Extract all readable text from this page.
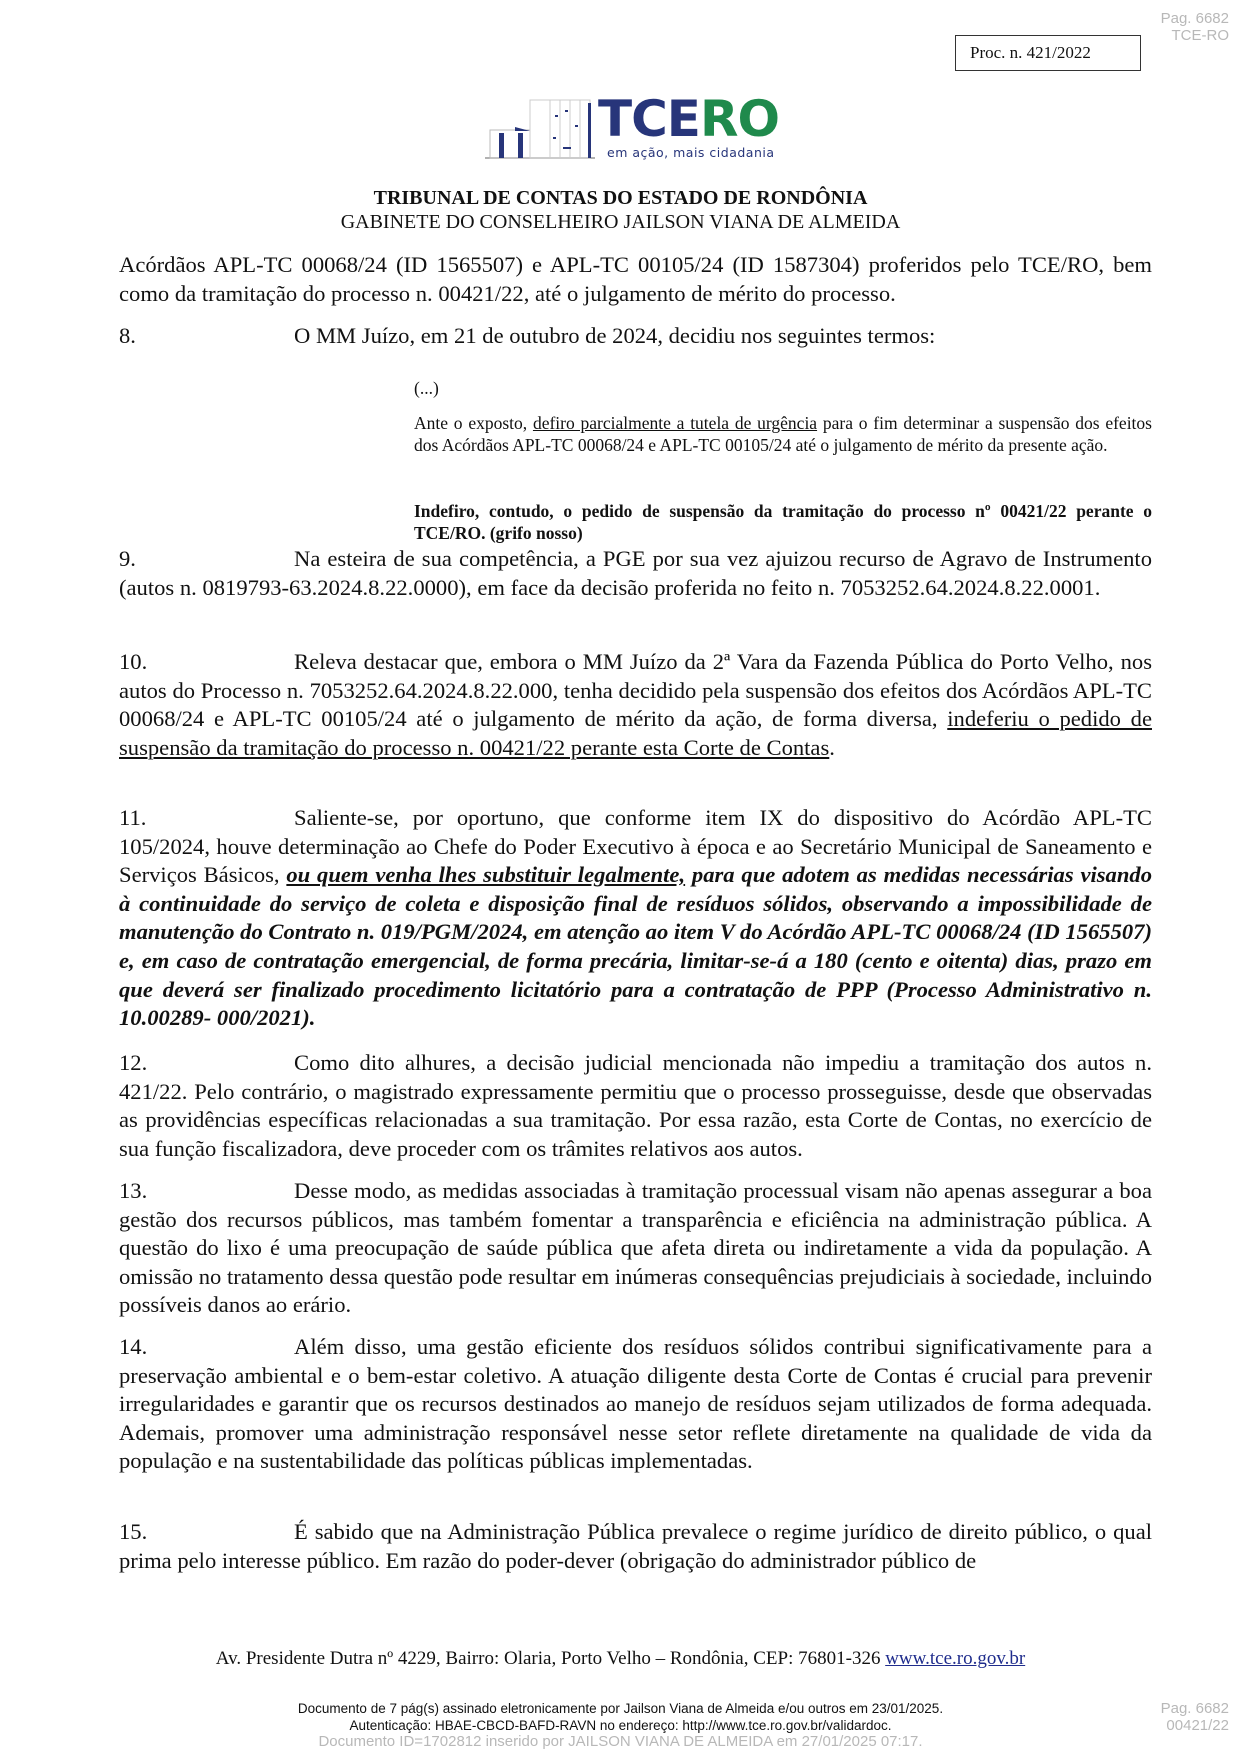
Pag. 6682
TCE-RO
Proc. n. 421/2022
TCERO
em ação, mais cidadania
TRIBUNAL DE CONTAS DO ESTADO DE RONDÔNIA
GABINETE DO CONSELHEIRO JAILSON VIANA DE ALMEIDA

Acórdãos APL-TC 00068/24 (ID 1565507) e APL-TC 00105/24 (ID 1587304) proferidos pelo TCE/RO, bem como da tramitação do processo n. 00421/22, até o julgamento de mérito do processo.

8.	O MM Juízo, em 21 de outubro de 2024, decidiu nos seguintes termos:

(...)

Ante o exposto, defiro parcialmente a tutela de urgência para o fim determinar a suspensão dos efeitos dos Acórdãos APL-TC 00068/24 e APL-TC 00105/24 até o julgamento de mérito da presente ação.

Indefiro, contudo, o pedido de suspensão da tramitação do processo nº 00421/22 perante o TCE/RO. (grifo nosso)

9.	Na esteira de sua competência, a PGE por sua vez ajuizou recurso de Agravo de Instrumento (autos n. 0819793-63.2024.8.22.0000), em face da decisão proferida no feito n. 7053252.64.2024.8.22.0001.

10.	Releva destacar que, embora o MM Juízo da 2ª Vara da Fazenda Pública do Porto Velho, nos autos do Processo n. 7053252.64.2024.8.22.000, tenha decidido pela suspensão dos efeitos dos Acórdãos APL-TC 00068/24 e APL-TC 00105/24 até o julgamento de mérito da ação, de forma diversa, indeferiu o pedido de suspensão da tramitação do processo n. 00421/22 perante esta Corte de Contas.

11.	Saliente-se, por oportuno, que conforme item IX do dispositivo do Acórdão APL-TC 105/2024, houve determinação ao Chefe do Poder Executivo à época e ao Secretário Municipal de Saneamento e Serviços Básicos, ou quem venha lhes substituir legalmente, para que adotem as medidas necessárias visando à continuidade do serviço de coleta e disposição final de resíduos sólidos, observando a impossibilidade de manutenção do Contrato n. 019/PGM/2024, em atenção ao item V do Acórdão APL-TC 00068/24 (ID 1565507) e, em caso de contratação emergencial, de forma precária, limitar-se-á a 180 (cento e oitenta) dias, prazo em que deverá ser finalizado procedimento licitatório para a contratação de PPP (Processo Administrativo n. 10.00289- 000/2021).

12.	Como dito alhures, a decisão judicial mencionada não impediu a tramitação dos autos n. 421/22. Pelo contrário, o magistrado expressamente permitiu que o processo prosseguisse, desde que observadas as providências específicas relacionadas a sua tramitação. Por essa razão, esta Corte de Contas, no exercício de sua função fiscalizadora, deve proceder com os trâmites relativos aos autos.

13.	Desse modo, as medidas associadas à tramitação processual visam não apenas assegurar a boa gestão dos recursos públicos, mas também fomentar a transparência e eficiência na administração pública. A questão do lixo é uma preocupação de saúde pública que afeta direta ou indiretamente a vida da população. A omissão no tratamento dessa questão pode resultar em inúmeras consequências prejudiciais à sociedade, incluindo possíveis danos ao erário.

14.	Além disso, uma gestão eficiente dos resíduos sólidos contribui significativamente para a preservação ambiental e o bem-estar coletivo. A atuação diligente desta Corte de Contas é crucial para prevenir irregularidades e garantir que os recursos destinados ao manejo de resíduos sejam utilizados de forma adequada. Ademais, promover uma administração responsável nesse setor reflete diretamente na qualidade de vida da população e na sustentabilidade das políticas públicas implementadas.

15.	É sabido que na Administração Pública prevalece o regime jurídico de direito público, o qual prima pelo interesse público. Em razão do poder-dever (obrigação do administrador público de

Av. Presidente Dutra nº 4229, Bairro: Olaria, Porto Velho – Rondônia, CEP: 76801-326 www.tce.ro.gov.br
Documento de 7 pág(s) assinado eletronicamente por Jailson Viana de Almeida e/ou outros em 23/01/2025.
Autenticação: HBAE-CBCD-BAFD-RAVN no endereço: http://www.tce.ro.gov.br/validardoc.
Documento ID=1702812 inserido por JAILSON VIANA DE ALMEIDA em 27/01/2025 07:17.
Pag. 6682
00421/22
